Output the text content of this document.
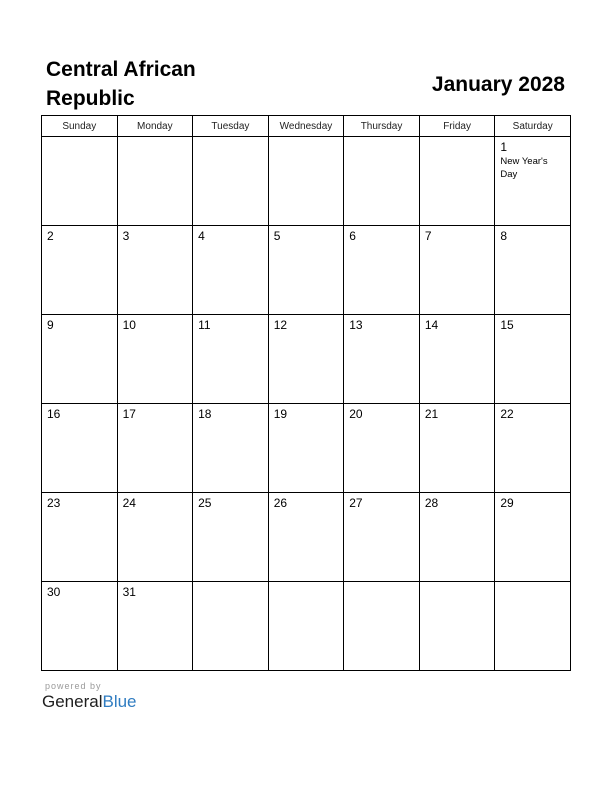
Central African Republic
January 2028
Sunday	Monday	Tuesday	Wednesday	Thursday	Friday	Saturday

						1
New Year's Day

2	3	4	5	6	7	8

9	10	11	12	13	14	15

16	17	18	19	20	21	22

23	24	25	26	27	28	29

30	31					

powered by
GeneralBlue
